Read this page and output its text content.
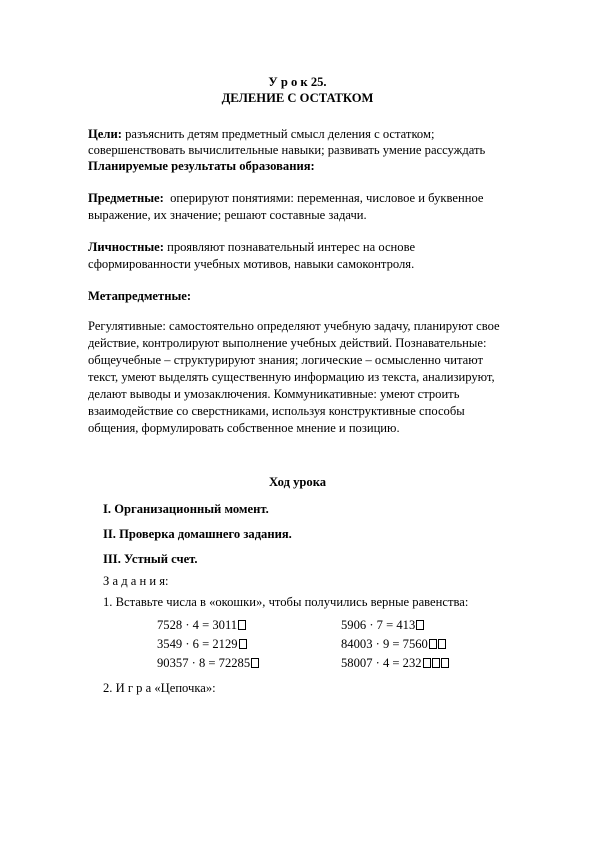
У р о к 25.
ДЕЛЕНИЕ С ОСТАТКОМ
Цели: разъяснить детям предметный смысл деления с остатком;
совершенствовать вычислительные навыки; развивать умение рассуждать
Планируемые результаты образования:
Предметные: оперируют понятиями: переменная, числовое и буквенное
выражение, их значение; решают составные задачи.
Личностные: проявляют познавательный интерес на основе
сформированности учебных мотивов, навыки самоконтроля.
Метапредметные:
Регулятивные: самостоятельно определяют учебную задачу, планируют свое
действие, контролируют выполнение учебных действий. Познавательные:
общеучебные – структурируют знания; логические – осмысленно читают
текст, умеют выделять существенную информацию из текста, анализируют,
делают выводы и умозаключения. Коммуникативные: умеют строить
взаимодействие со сверстниками, используя конструктивные способы
общения, формулировать собственное мнение и позицию.
Ход урока
I. Организационный момент.
II. Проверка домашнего задания.
III. Устный счет.
З а д а н и я:
1. Вставьте числа в «окошки», чтобы получились верные равенства:
7528 · 4 = 3011	5906 · 7 = 413
3549 · 6 = 2129	84003 · 9 = 7560
90357 · 8 = 72285	58007 · 4 = 232
2. И г р а «Цепочка»:
